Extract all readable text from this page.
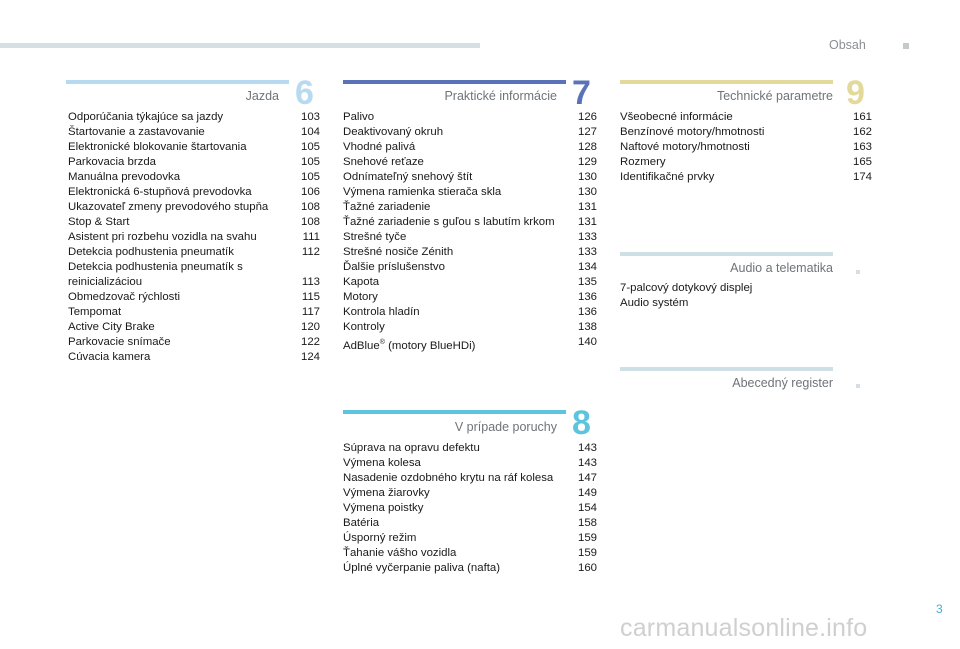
Obsah
Jazda 6
Odporúčania týkajúce sa jazdy	103
Štartovanie a zastavovanie	104
Elektronické blokovanie štartovania	105
Parkovacia brzda	105
Manuálna prevodovka	105
Elektronická 6-stupňová prevodovka	106
Ukazovateľ zmeny prevodového stupňa	108
Stop & Start	108
Asistent pri rozbehu vozidla na svahu	111
Detekcia podhustenia pneumatík	112
Detekcia podhustenia pneumatík s reinicializáciou	113
Obmedzovač rýchlosti	115
Tempomat	117
Active City Brake	120
Parkovacie snímače	122
Cúvacia kamera	124
Praktické informácie 7
Palivo	126
Deaktivovaný okruh	127
Vhodné palivá	128
Snehové reťaze	129
Odnímateľný snehový štít	130
Výmena ramienka stierača skla	130
Ťažné zariadenie	131
Ťažné zariadenie s guľou s labutím krkom	131
Strešné tyče	133
Strešné nosiče Zénith	133
Ďalšie príslušenstvo	134
Kapota	135
Motory	136
Kontrola hladín	136
Kontroly	138
AdBlue® (motory BlueHDi)	140
V prípade poruchy 8
Súprava na opravu defektu	143
Výmena kolesa	143
Nasadenie ozdobného krytu na ráf kolesa	147
Výmena žiarovky	149
Výmena poistky	154
Batéria	158
Úsporný režim	159
Ťahanie vášho vozidla	159
Úplné vyčerpanie paliva (nafta)	160
Technické parametre 9
Všeobecné informácie	161
Benzínové motory/hmotnosti	162
Naftové motory/hmotnosti	163
Rozmery	165
Identifikačné prvky	174
Audio a telematika
7-palcový dotykový displej
Audio systém
Abecedný register
3
carmanualsonline.info
